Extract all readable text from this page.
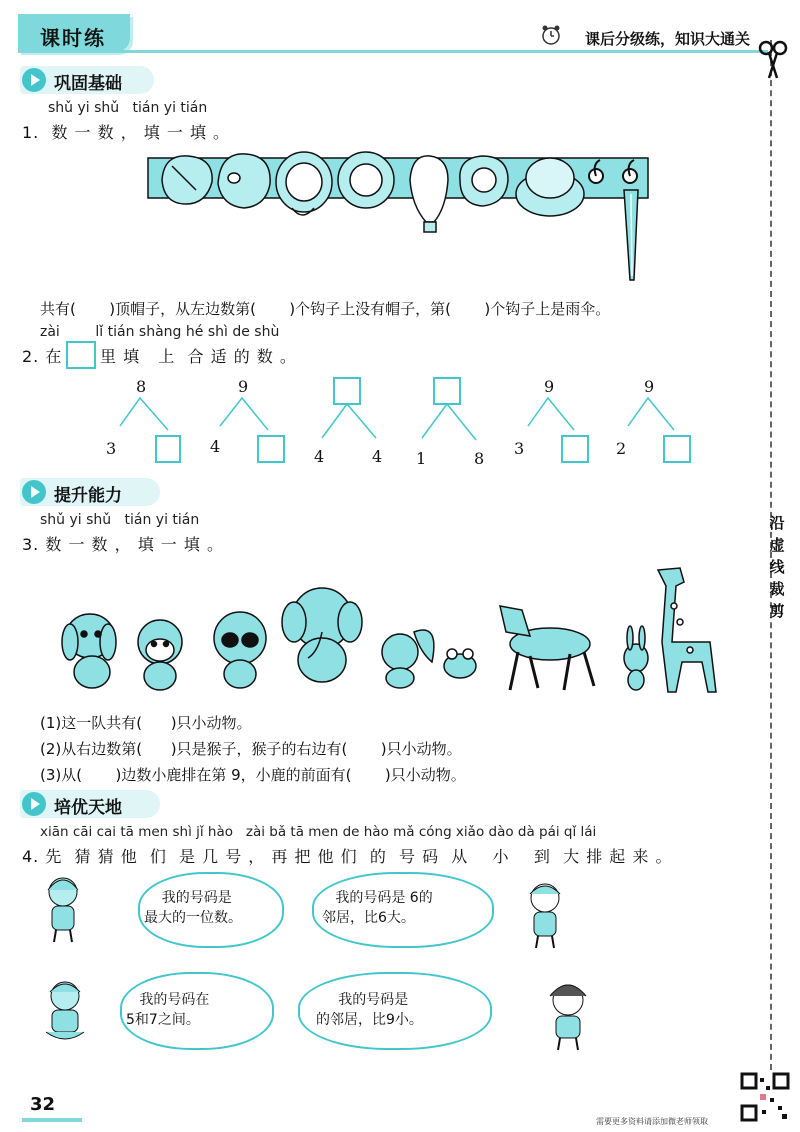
课时练	课后分级练，知识大通关
沿虚线裁剪
巩固基础
shǔ yi shǔ   tián yi tián
1.  数 一 数 ， 填 一 填 。
共有(       )顶帽子，从左边数第(       )个钩子上没有帽子，第(       )个钩子上是雨伞。
zài        lǐ tián shàng hé shì de shù
2. 在 里 填   上  合 适 的 数 。
8
3
9
4
4	4 1	8
9
3
9
2
提升能力
shǔ yi shǔ   tián yi tián
3. 数 一 数 ， 填 一 填 。
(1)这一队共有(      )只小动物。
(2)从右边数第(      )只是猴子，猴子的右边有(       )只小动物。
(3)从(       )边数小鹿排在第 9，小鹿的前面有(       )只小动物。
培优天地
xiān cāi cai tā men shì jǐ hào   zài bǎ tā men de hào mǎ cóng xiǎo dào dà pái qǐ lái
4. 先  猜 猜 他  们  是 几 号 ， 再 把 他 们  的  号 码  从    小    到  大 排 起 来 。
我的号码是
最大的一位数。
我的号码是 6的
邻居，比6大。
我的号码在
5和7之间。
我的号码是
的邻居，比9小。
32
需要更多资料请添加微老师领取
